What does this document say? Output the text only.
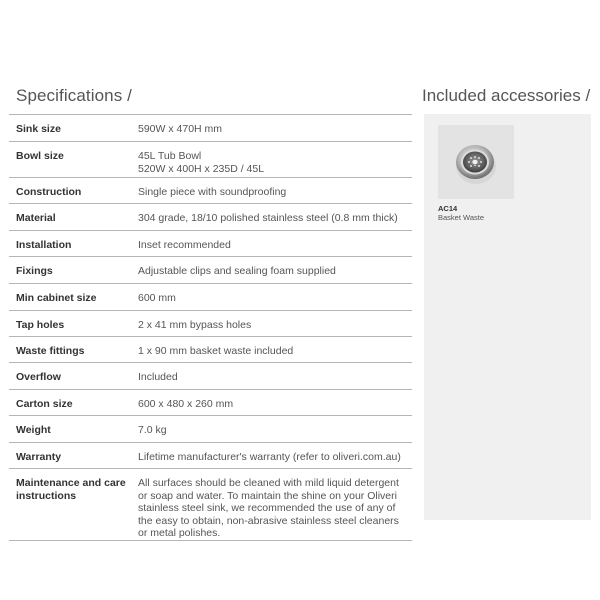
Specifications /
Sink size	590W x 470H mm

Bowl size	45L Tub Bowl
520W x 400H x 235D / 45L

Construction	Single piece with soundproofing

Material	304 grade, 18/10 polished stainless steel (0.8 mm thick)

Installation	Inset recommended

Fixings	Adjustable clips and sealing foam supplied

Min cabinet size	600 mm

Tap holes	2 x 41 mm bypass holes

Waste fittings	1 x 90 mm basket waste included

Overflow	Included

Carton size	600 x 480 x 260 mm

Weight	7.0 kg

Warranty	Lifetime manufacturer's warranty (refer to oliveri.com.au)

Maintenance and care instructions	All surfaces should be cleaned with mild liquid detergent or soap and water. To maintain the shine on your Oliveri stainless steel sink, we recommended the use of any of the easy to obtain, non-abrasive stainless steel cleaners or metal polishes.
Included accessories /
AC14
Basket Waste
